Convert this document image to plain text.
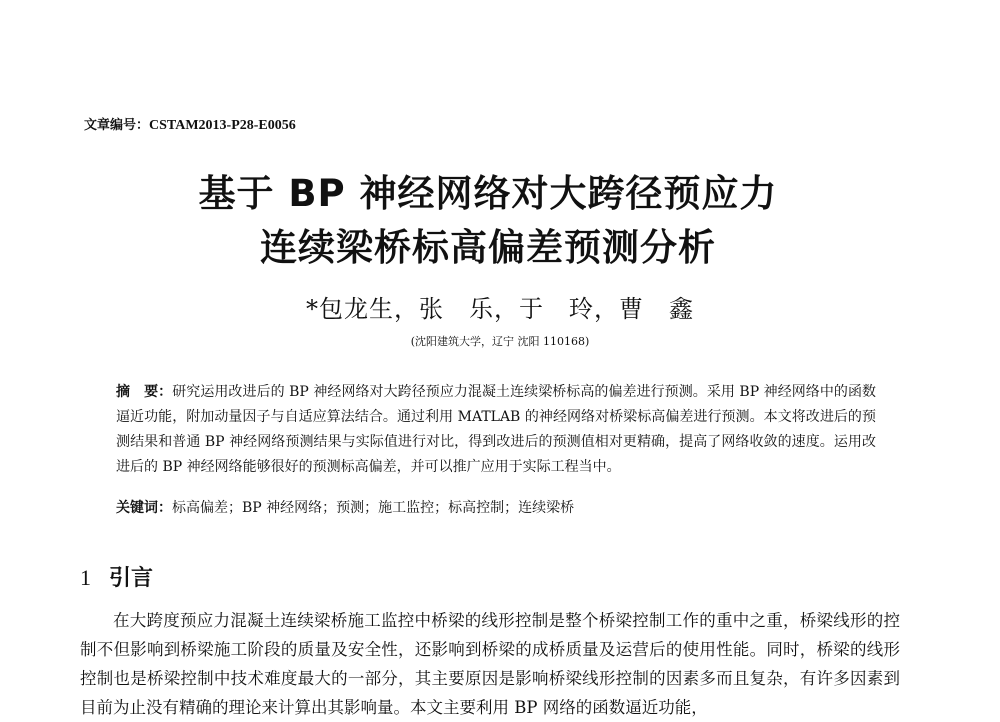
文章编号：CSTAM2013-P28-E0056
基于 BP 神经网络对大跨径预应力
连续梁桥标高偏差预测分析
*包龙生，张　乐，于　玲，曹　鑫
(沈阳建筑大学，辽宁 沈阳 110168)
摘　要：研究运用改进后的 BP 神经网络对大跨径预应力混凝土连续梁桥标高的偏差进行预测。采用 BP 神经网络中的函数逼近功能，附加动量因子与自适应算法结合。通过利用 MATLAB 的神经网络对桥梁标高偏差进行预测。本文将改进后的预测结果和普通 BP 神经网络预测结果与实际值进行对比，得到改进后的预测值相对更精确，提高了网络收敛的速度。运用改进后的 BP 神经网络能够很好的预测标高偏差，并可以推广应用于实际工程当中。
关键词：标高偏差；BP 神经网络；预测；施工监控；标高控制；连续梁桥
1 引言
在大跨度预应力混凝土连续梁桥施工监控中桥梁的线形控制是整个桥梁控制工作的重中之重，桥梁线形的控制不但影响到桥梁施工阶段的质量及安全性，还影响到桥梁的成桥质量及运营后的使用性能。同时，桥梁的线形控制也是桥梁控制中技术难度最大的一部分，其主要原因是影响桥梁线形控制的因素多而且复杂，有许多因素到目前为止没有精确的理论来计算出其影响量。本文主要利用 BP 网络的函数逼近功能，
